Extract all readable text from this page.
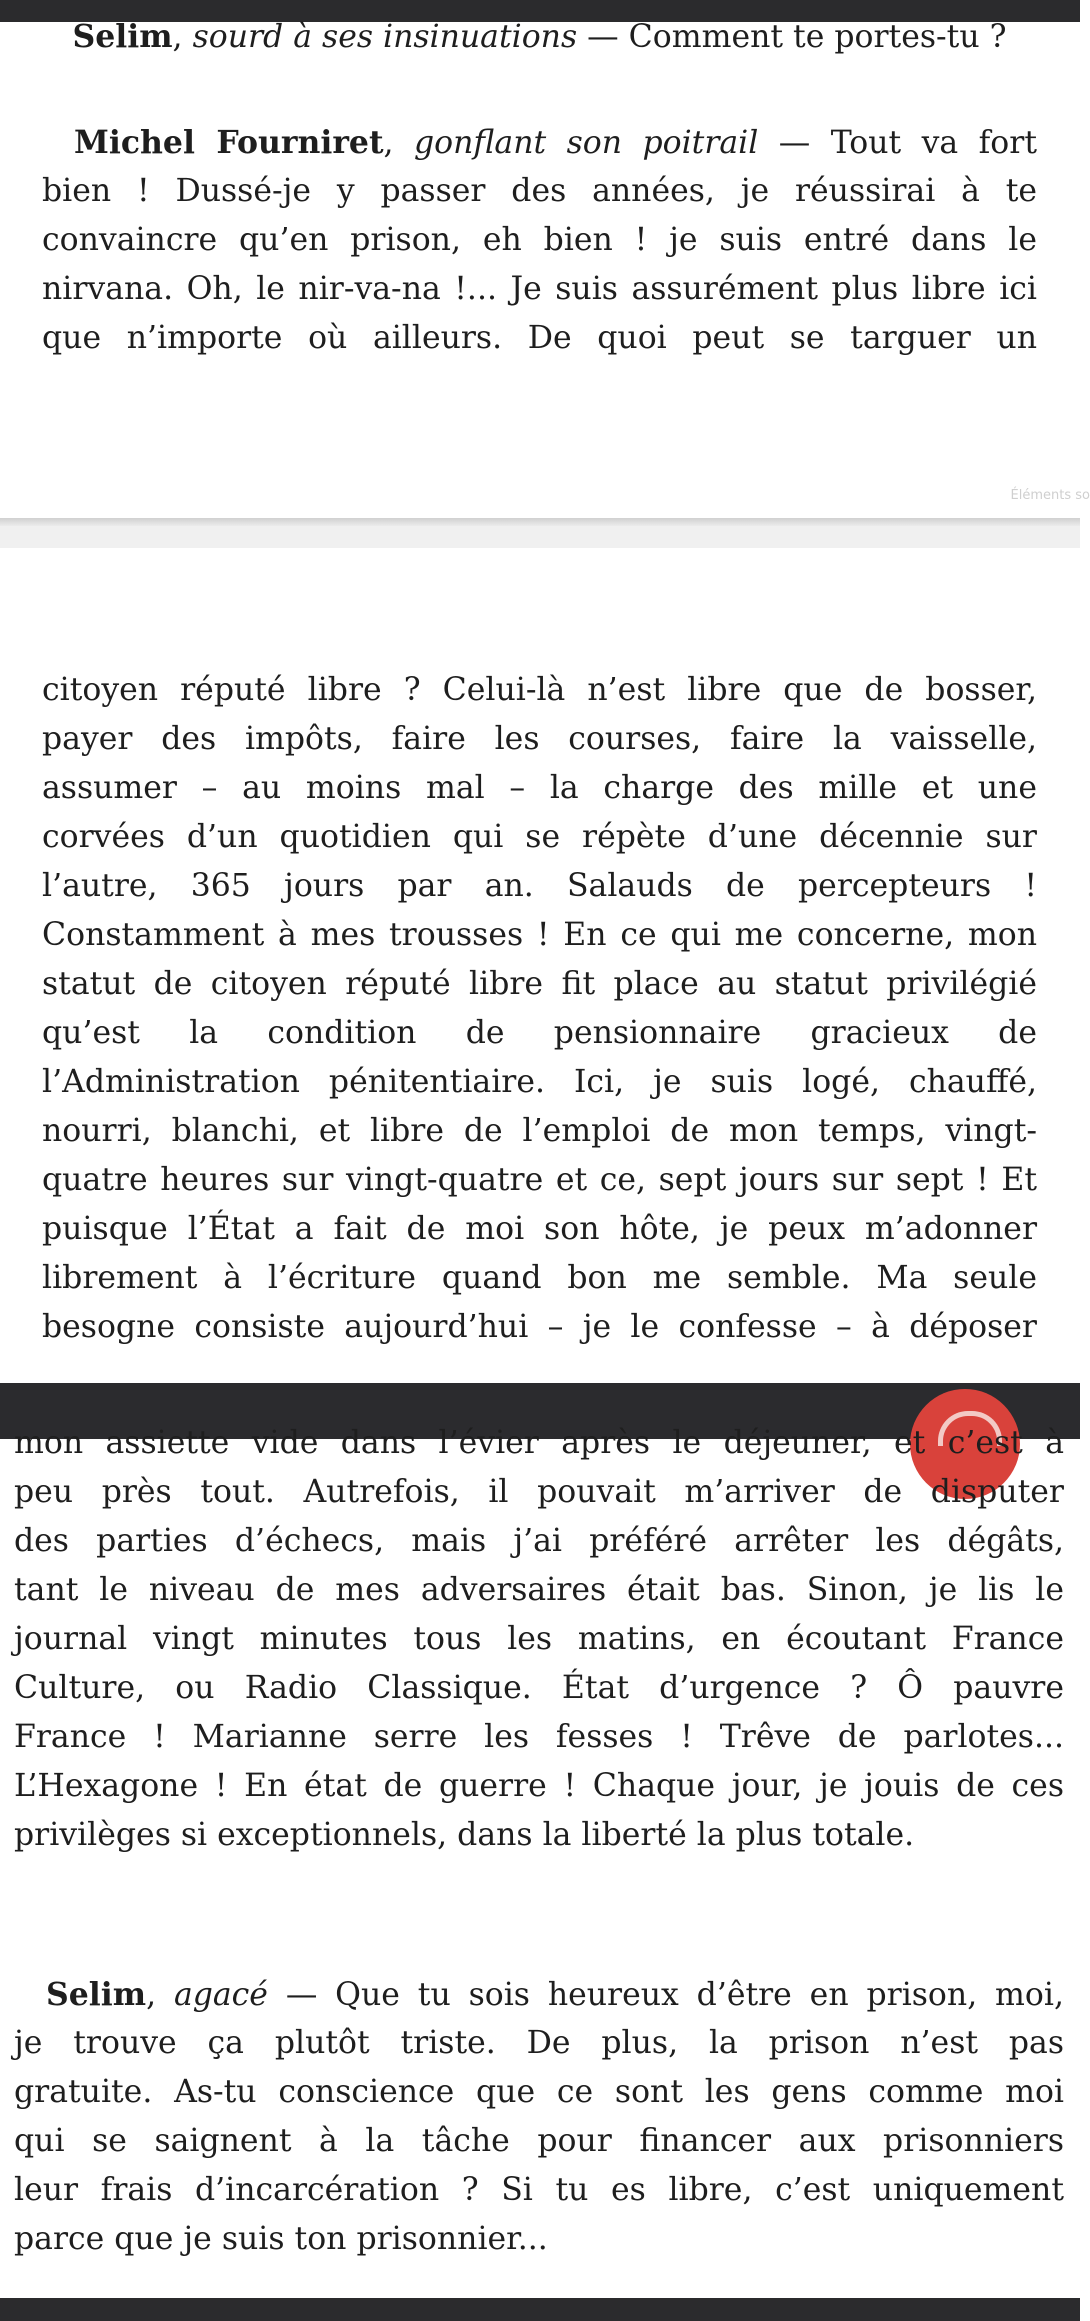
Selim, sourd à ses insinuations — Comment te portes-tu ?
Michel Fourniret, gonflant son poitrail — Tout va fort
bien ! Dussé-je y passer des années, je réussirai à te
convaincre qu’en prison, eh bien ! je suis entré dans le
nirvana. Oh, le nir-va-na !... Je suis assurément plus libre ici
que n’importe où ailleurs. De quoi peut se targuer un
Éléments so
citoyen réputé libre ? Celui-là n’est libre que de bosser,
payer des impôts, faire les courses, faire la vaisselle,
assumer – au moins mal – la charge des mille et une
corvées d’un quotidien qui se répète d’une décennie sur
l’autre, 365 jours par an. Salauds de percepteurs !
Constamment à mes trousses ! En ce qui me concerne, mon
statut de citoyen réputé libre fit place au statut privilégié
qu’est la condition de pensionnaire gracieux de
l’Administration pénitentiaire. Ici, je suis logé, chauffé,
nourri, blanchi, et libre de l’emploi de mon temps, vingt-
quatre heures sur vingt-quatre et ce, sept jours sur sept ! Et
puisque l’État a fait de moi son hôte, je peux m’adonner
librement à l’écriture quand bon me semble. Ma seule
besogne consiste aujourd’hui – je le confesse – à déposer
mon assiette vide dans l’évier après le déjeuner, et c’est à
peu près tout. Autrefois, il pouvait m’arriver de disputer
des parties d’échecs, mais j’ai préféré arrêter les dégâts,
tant le niveau de mes adversaires était bas. Sinon, je lis le
journal vingt minutes tous les matins, en écoutant France
Culture, ou Radio Classique. État d’urgence ? Ô pauvre
France ! Marianne serre les fesses ! Trêve de parlotes...
L’Hexagone ! En état de guerre ! Chaque jour, je jouis de ces
privilèges si exceptionnels, dans la liberté la plus totale.
Selim, agacé — Que tu sois heureux d’être en prison, moi,
je trouve ça plutôt triste. De plus, la prison n’est pas
gratuite. As-tu conscience que ce sont les gens comme moi
qui se saignent à la tâche pour financer aux prisonniers
leur frais d’incarcération ? Si tu es libre, c’est uniquement
parce que je suis ton prisonnier...
